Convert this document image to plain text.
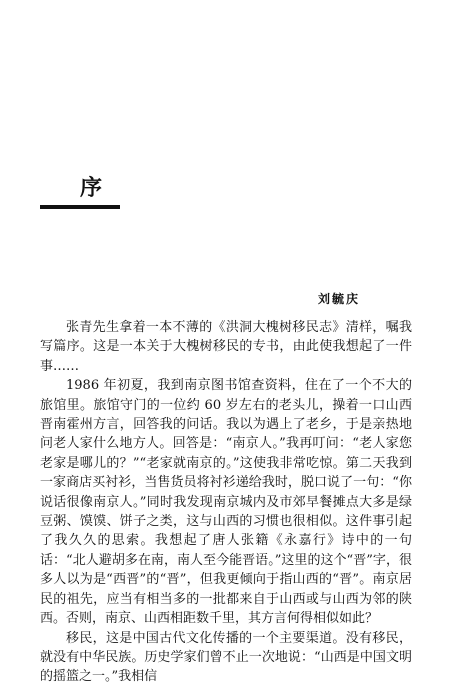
序
刘毓庆

张青先生拿着一本不薄的《洪洞大槐树移民志》清样，嘱我写篇序。这是一本关于大槐树移民的专书，由此使我想起了一件事……

1986 年初夏，我到南京图书馆查资料，住在了一个不大的旅馆里。旅馆守门的一位约 60 岁左右的老头儿，操着一口山西晋南霍州方言，回答我的问话。我以为遇上了老乡，于是亲热地问老人家什么地方人。回答是：“南京人。”我再叮问：“老人家您老家是哪儿的？”“老家就南京的。”这使我非常吃惊。第二天我到一家商店买衬衫，当售货员将衬衫递给我时，脱口说了一句：“你说话很像南京人。”同时我发现南京城内及市郊早餐摊点大多是绿豆粥、馍馍、饼子之类，这与山西的习惯也很相似。这件事引起了我久久的思索。我想起了唐人张籍《永嘉行》诗中的一句话：“北人避胡多在南，南人至今能晋语。”这里的这个“晋”字，很多人以为是“西晋”的“晋”，但我更倾向于指山西的“晋”。南京居民的祖先，应当有相当多的一批都来自于山西或与山西为邻的陕西。否则，南京、山西相距数千里，其方言何得相似如此？

移民，这是中国古代文化传播的一个主要渠道。没有移民，就没有中华民族。历史学家们曾不止一次地说：“山西是中国文明的摇篮之一。”我相信
